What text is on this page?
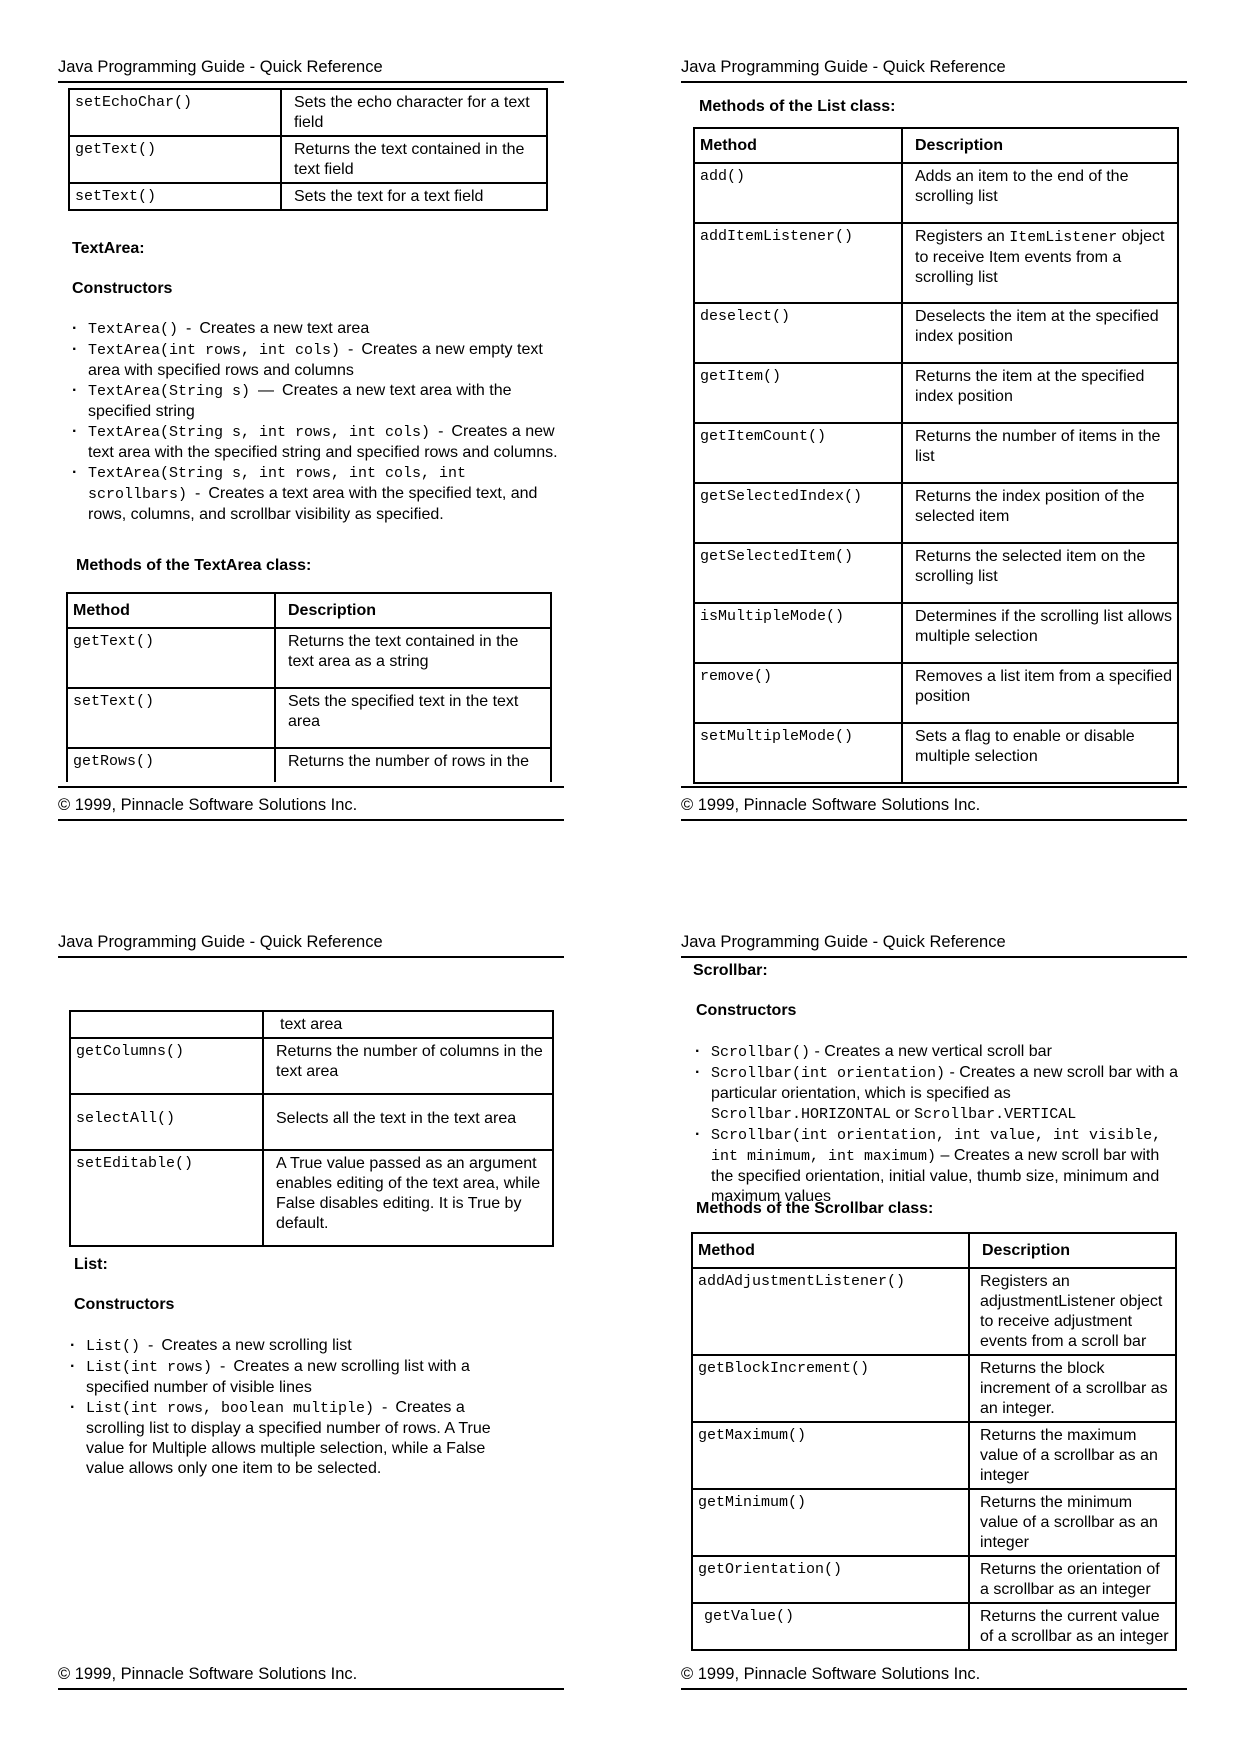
Java Programming Guide - Quick Reference
setEchoChar()	Sets the echo character for a text field
getText()	Returns the text contained in the text field
setText()	Sets the text for a text field
TextArea:
Constructors
· TextArea() - Creates a new text area
· TextArea(int rows, int cols) - Creates a new empty text area with specified rows and columns
· TextArea(String s) — Creates a new text area with the specified string
· TextArea(String s, int rows, int cols) - Creates a new text area with the specified string and specified rows and columns.
· TextArea(String s, int rows, int cols, int scrollbars) - Creates a text area with the specified text, and rows, columns, and scrollbar visibility as specified.
Methods of the TextArea class:
Method	Description
getText()	Returns the text contained in the text area as a string
setText()	Sets the specified text in the text area
getRows()	Returns the number of rows in the
© 1999, Pinnacle Software Solutions Inc.
Java Programming Guide - Quick Reference
Methods of the List class:
Method	Description
add()	Adds an item to the end of the scrolling list
addItemListener()	Registers an ItemListener object to receive Item events from a scrolling list
deselect()	Deselects the item at the specified index position
getItem()	Returns the item at the specified index position
getItemCount()	Returns the number of items in the list
getSelectedIndex()	Returns the index position of the selected item
getSelectedItem()	Returns the selected item on the scrolling list
isMultipleMode()	Determines if the scrolling list allows multiple selection
remove()	Removes a list item from a specified position
setMultipleMode()	Sets a flag to enable or disable multiple selection
© 1999, Pinnacle Software Solutions Inc.
Java Programming Guide - Quick Reference
	text area
getColumns()	Returns the number of columns in the text area
selectAll()	Selects all the text in the text area
setEditable()	A True value passed as an argument enables editing of the text area, while False disables editing. It is True by default.
List:
Constructors
· List() - Creates a new scrolling list
· List(int rows) - Creates a new scrolling list with a specified number of visible lines
· List(int rows, boolean multiple) - Creates a scrolling list to display a specified number of rows. A True value for Multiple allows multiple selection, while a False value allows only one item to be selected.
© 1999, Pinnacle Software Solutions Inc.
Java Programming Guide - Quick Reference
Scrollbar:
Constructors
· Scrollbar() - Creates a new vertical scroll bar
· Scrollbar(int orientation) - Creates a new scroll bar with a particular orientation, which is specified as Scrollbar.HORIZONTAL or Scrollbar.VERTICAL
· Scrollbar(int orientation, int value, int visible, int minimum, int maximum) – Creates a new scroll bar with the specified orientation, initial value, thumb size, minimum and maximum values
Methods of the Scrollbar class:
Method	Description
addAdjustmentListener()	Registers an adjustmentListener object to receive adjustment events from a scroll bar
getBlockIncrement()	Returns the block increment of a scrollbar as an integer.
getMaximum()	Returns the maximum value of a scrollbar as an integer
getMinimum()	Returns the minimum value of a scrollbar as an integer
getOrientation()	Returns the orientation of a scrollbar as an integer
getValue()	Returns the current value of a scrollbar as an integer
© 1999, Pinnacle Software Solutions Inc.
